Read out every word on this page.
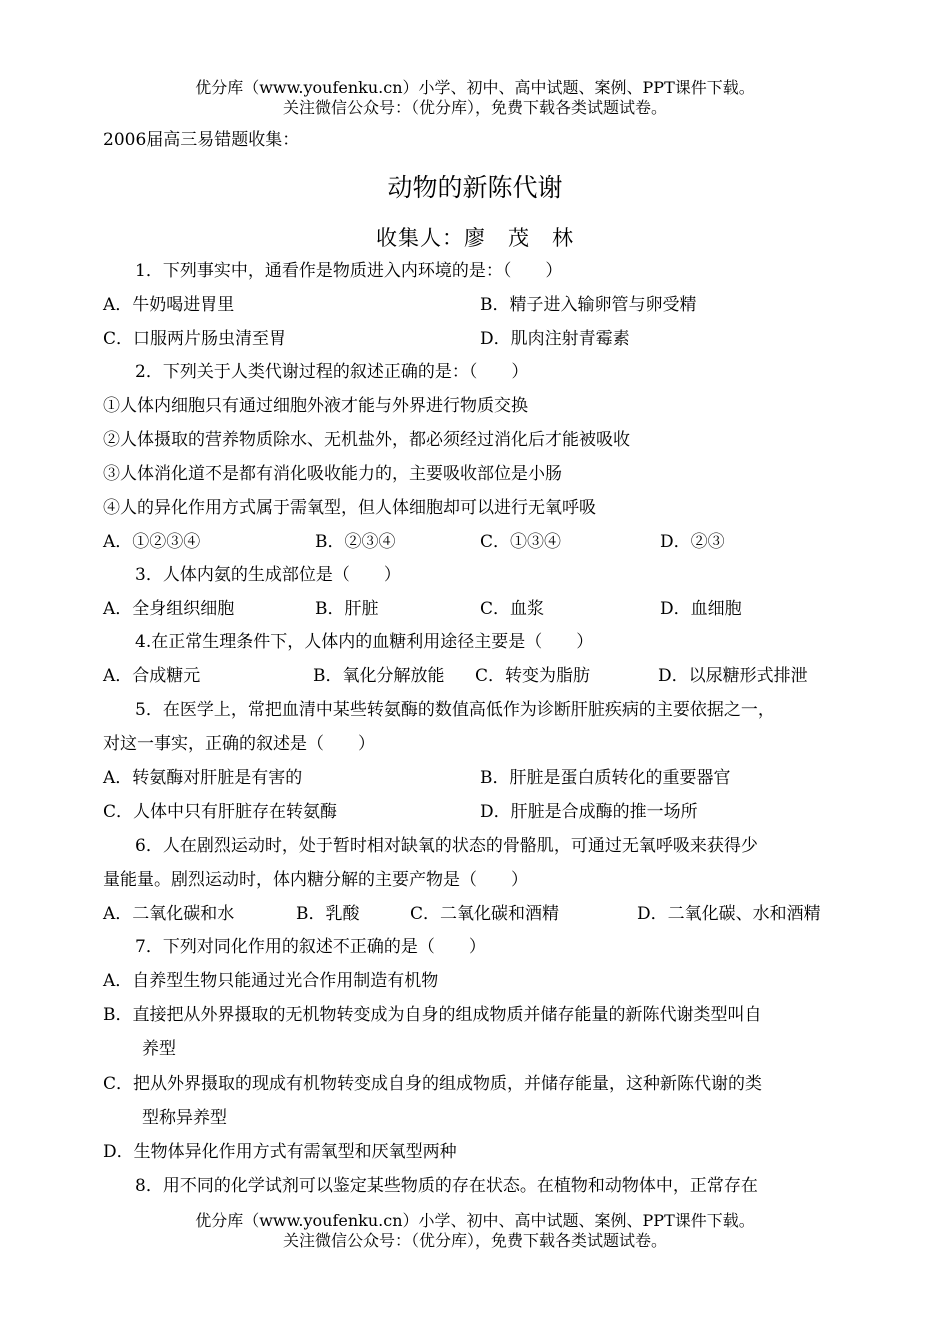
优分库（www.youfenku.cn）小学、初中、高中试题、案例、PPT课件下载。
关注微信公众号：（优分库），免费下载各类试题试卷。
2006届高三易错题收集：
动物的新陈代谢
收集人：廖　茂　林
1．下列事实中，通看作是物质进入内环境的是：（　　）
A．牛奶喝进胃里	B．精子进入输卵管与卵受精
C．口服两片肠虫清至胃	D．肌肉注射青霉素
2．下列关于人类代谢过程的叙述正确的是：（　　）
①人体内细胞只有通过细胞外液才能与外界进行物质交换
②人体摄取的营养物质除水、无机盐外，都必须经过消化后才能被吸收
③人体消化道不是都有消化吸收能力的，主要吸收部位是小肠
④人的异化作用方式属于需氧型，但人体细胞却可以进行无氧呼吸
A．①②③④	B．②③④	C．①③④	D．②③
3．人体内氨的生成部位是（　　）
A．全身组织细胞	B．肝脏	C．血浆	D．血细胞
4.在正常生理条件下，人体内的血糖利用途径主要是（　　）
A．合成糖元	B．氧化分解放能 C．转变为脂肪	D．以尿糖形式排泄
5．在医学上，常把血清中某些转氨酶的数值高低作为诊断肝脏疾病的主要依据之一，
对这一事实，正确的叙述是（　　）
A．转氨酶对肝脏是有害的	B．肝脏是蛋白质转化的重要器官
C．人体中只有肝脏存在转氨酶	D．肝脏是合成酶的推一场所
6．人在剧烈运动时，处于暂时相对缺氧的状态的骨骼肌，可通过无氧呼吸来获得少
量能量。剧烈运动时，体内糖分解的主要产物是（　　）
A．二氧化碳和水	B．乳酸	C．二氧化碳和酒精	D．二氧化碳、水和酒精
7．下列对同化作用的叙述不正确的是（　　）
A．自养型生物只能通过光合作用制造有机物
B．直接把从外界摄取的无机物转变成为自身的组成物质并储存能量的新陈代谢类型叫自
养型
C．把从外界摄取的现成有机物转变成自身的组成物质，并储存能量，这种新陈代谢的类
型称异养型
D．生物体异化作用方式有需氧型和厌氧型两种
8．用不同的化学试剂可以鉴定某些物质的存在状态。在植物和动物体中，正常存在
优分库（www.youfenku.cn）小学、初中、高中试题、案例、PPT课件下载。
关注微信公众号：（优分库），免费下载各类试题试卷。
